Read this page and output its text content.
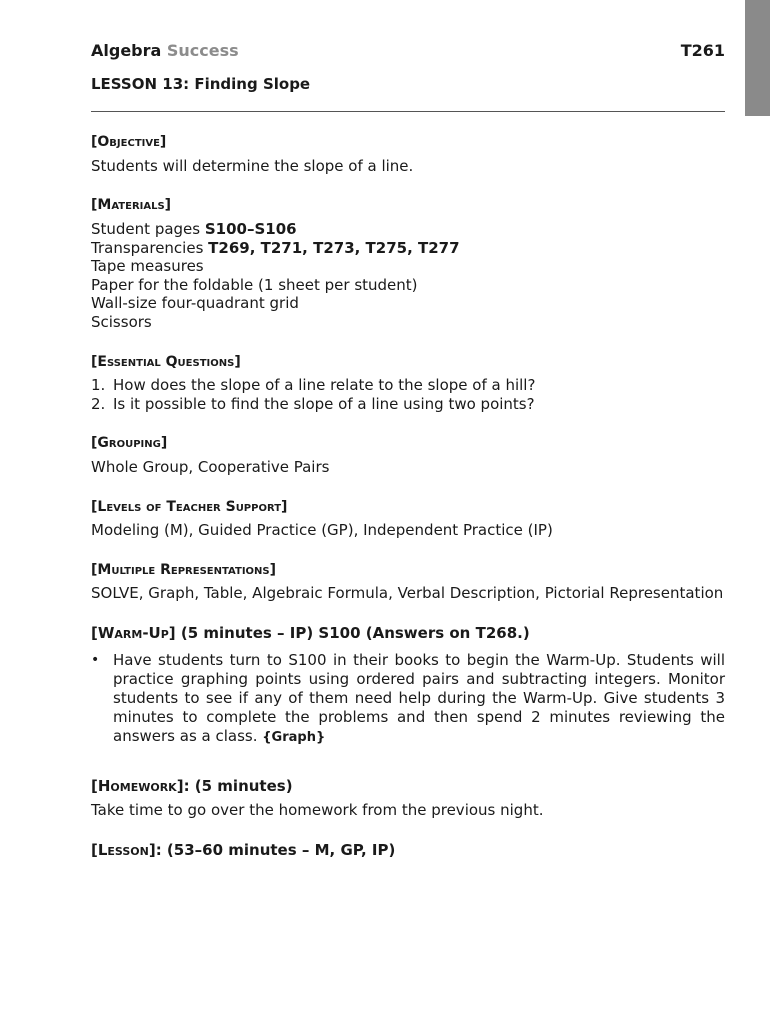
Algebra Success	T261
LESSON 13: Finding Slope
[Objective]
Students will determine the slope of a line.
[Materials]
Student pages S100–S106
Transparencies T269, T271, T273, T275, T277
Tape measures
Paper for the foldable (1 sheet per student)
Wall-size four-quadrant grid
Scissors
[Essential Questions]
1. How does the slope of a line relate to the slope of a hill?
2. Is it possible to find the slope of a line using two points?
[Grouping]
Whole Group, Cooperative Pairs
[Levels of Teacher Support]
Modeling (M), Guided Practice (GP), Independent Practice (IP)
[Multiple Representations]
SOLVE, Graph, Table, Algebraic Formula, Verbal Description, Pictorial Representation
[Warm-Up] (5 minutes – IP) S100 (Answers on T268.)
• Have students turn to S100 in their books to begin the Warm-Up. Students will practice graphing points using ordered pairs and subtracting integers. Monitor students to see if any of them need help during the Warm-Up. Give students 3 minutes to complete the problems and then spend 2 minutes reviewing the answers as a class. {Graph}
[Homework]: (5 minutes)
Take time to go over the homework from the previous night.
[Lesson]: (53–60 minutes – M, GP, IP)
